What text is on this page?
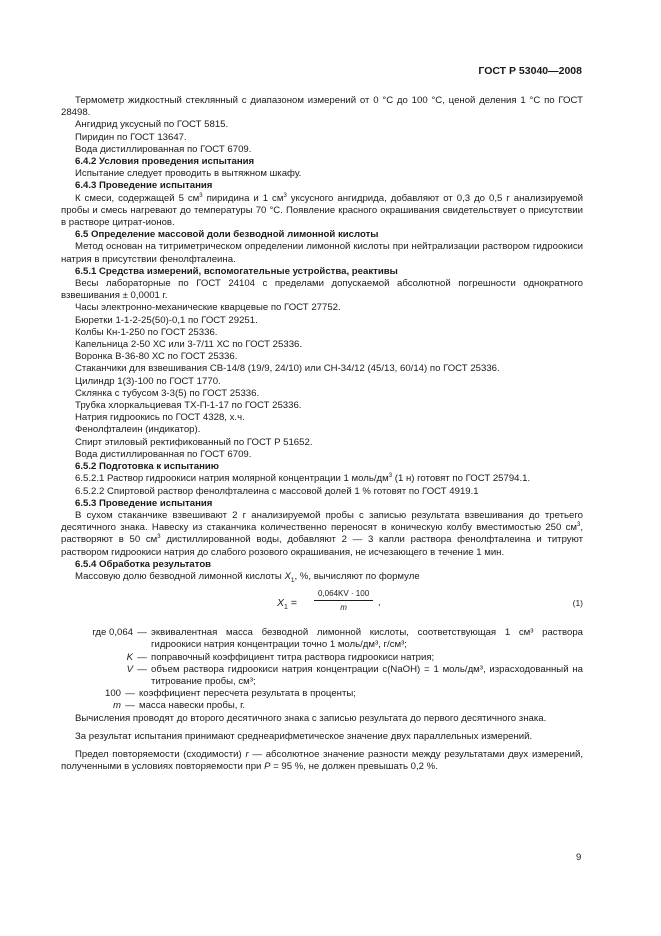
ГОСТ Р 53040—2008

Термометр жидкостный стеклянный с диапазоном измерений от 0 °С до 100 °С, ценой деления 1 °С по ГОСТ 28498.

Ангидрид уксусный по ГОСТ 5815.

Пиридин по ГОСТ 13647.

Вода дистиллированная по ГОСТ 6709.

6.4.2 Условия проведения испытания

Испытание следует проводить в вытяжном шкафу.

6.4.3 Проведение испытания

К смеси, содержащей 5 $см^3$ пиридина и 1 $см^3$ уксусного ангидрида, добавляют от 0,3 до 0,5 г анализируемой пробы и смесь нагревают до температуры 70 °С. Появление красного окрашивания свидетельствует о присутствии в растворе цитрат-ионов.

6.5 Определение массовой доли безводной лимонной кислоты

Метод основан на титриметрическом определении лимонной кислоты при нейтрализации раствором гидроокиси натрия в присутствии фенолфталеина.

6.5.1 Средства измерений, вспомогательные устройства, реактивы

Весы лабораторные по ГОСТ 24104 с пределами допускаемой абсолютной погрешности однократного взвешивания ± 0,0001 г.

Часы электронно-механические кварцевые по ГОСТ 27752.

Бюретки 1-1-2-25(50)-0,1 по ГОСТ 29251.

Колбы Кн-1-250 по ГОСТ 25336.

Капельница 2-50 ХС или 3-7/11 ХС по ГОСТ 25336.

Воронка В-36-80 ХС по ГОСТ 25336.

Стаканчики для взвешивания СВ-14/8 (19/9, 24/10) или СН-34/12 (45/13, 60/14) по ГОСТ 25336.

Цилиндр 1(3)-100 по ГОСТ 1770.

Склянка с тубусом 3-3(5) по ГОСТ 25336.

Трубка хлоркальциевая ТХ-П-1-17 по ГОСТ 25336.

Натрия гидроокись по ГОСТ 4328, х.ч.

Фенолфталеин (индикатор).

Спирт этиловый ректификованный по ГОСТ Р 51652.

Вода дистиллированная по ГОСТ 6709.

6.5.2 Подготовка к испытанию

6.5.2.1 Раствор гидроокиси натрия молярной концентрации 1 моль/$дм^3$ (1 н) готовят по ГОСТ 25794.1.

6.5.2.2 Спиртовой раствор фенолфталеина с массовой долей 1 % готовят по ГОСТ 4919.1

6.5.3 Проведение испытания

В сухом стаканчике взвешивают 2 г анализируемой пробы с записью результата взвешивания до третьего десятичного знака. Навеску из стаканчика количественно переносят в коническую колбу вместимостью 250 $см^3$, растворяют в 50 $см^3$ дистиллированной воды, добавляют 2 — 3 капли раствора фенолфталеина и титруют раствором гидроокиси натрия до слабого розового окрашивания, не исчезающего в течение 1 мин.

6.5.4 Обработка результатов

Массовую долю безводной лимонной кислоты $X_1$, %, вычисляют по формуле

$X_1 = \frac{0,064KV \cdot 100}{m}$ ,	(1)
где 0,064 — эквивалентная масса безводной лимонной кислоты, соответствующая 1 см³ раствора гидроокиси натрия концентрации точно 1 моль/дм³, г/см³;
K — поправочный коэффициент титра раствора гидроокиси натрия;
V — объем раствора гидроокиси натрия концентрации c(NaOH) = 1 моль/дм³, израсходованный на титрование пробы, см³;
100 — коэффициент пересчета результата в проценты;
m — масса навески пробы, г.

Вычисления проводят до второго десятичного знака с записью результата до первого десятичного знака.

За результат испытания принимают среднеарифметическое значение двух параллельных измерений.

Предел повторяемости (сходимости) r — абсолютное значение разности между результатами двух измерений, полученными в условиях повторяемости при P = 95 %, не должен превышать 0,2 %.

9
